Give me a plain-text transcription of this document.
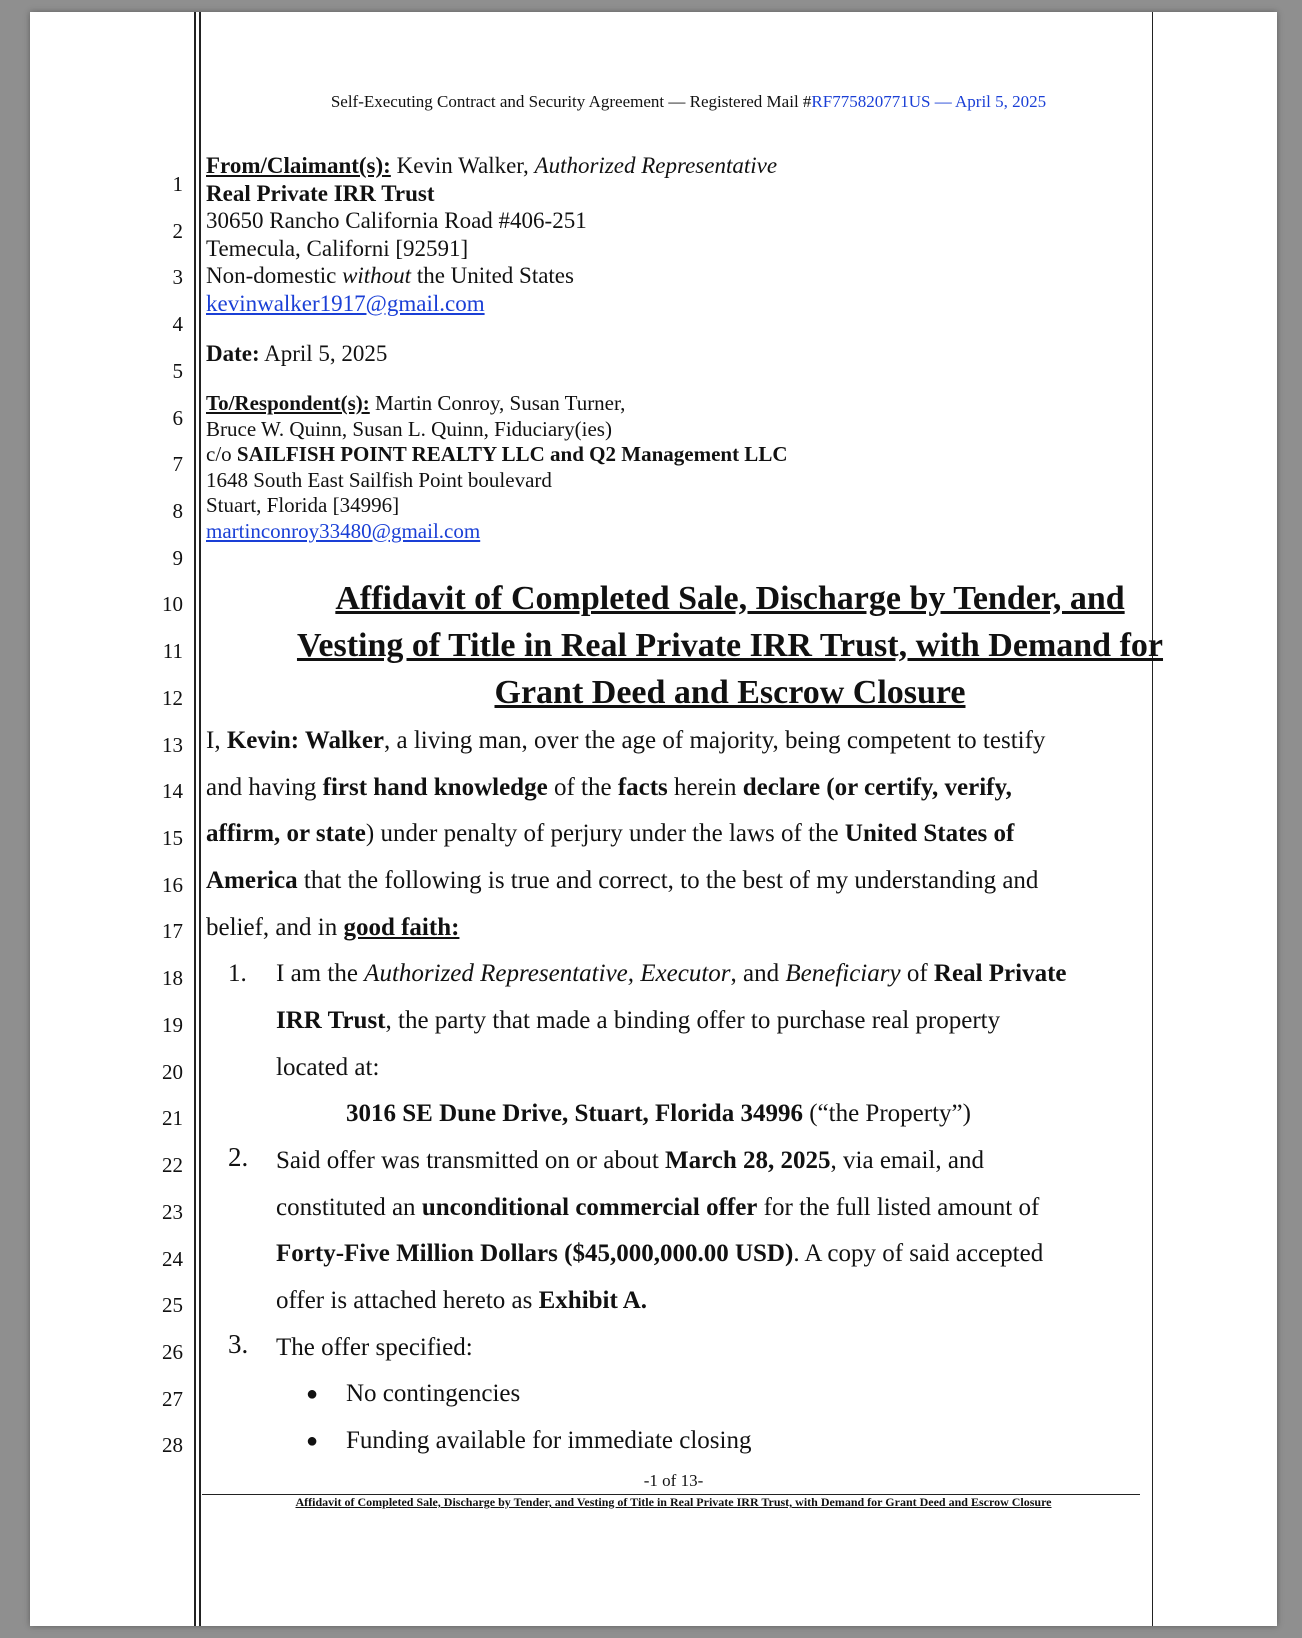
Self-Executing Contract and Security Agreement — Registered Mail #RF775820771US — April 5, 2025
1
2
3
4
5
6
7
8
9
10
11
12
13
14
15
16
17
18
19
20
21
22
23
24
25
26
27
28
From/Claimant(s): Kevin Walker, Authorized Representative
Real Private IRR Trust
30650 Rancho California Road #406-251
Temecula, Californi [92591]
Non-domestic without the United States
kevinwalker1917@gmail.com
Date: April 5, 2025
To/Respondent(s): Martin Conroy, Susan Turner,
Bruce W. Quinn, Susan L. Quinn, Fiduciary(ies)
c/o SAILFISH POINT REALTY LLC and Q2 Management LLC
1648 South East Sailfish Point boulevard
Stuart, Florida [34996]
martinconroy33480@gmail.com
Affidavit of Completed Sale, Discharge by Tender, and
Vesting of Title in Real Private IRR Trust, with Demand for
Grant Deed and Escrow Closure
I, Kevin: Walker, a living man, over the age of majority, being competent to testify
and having first hand knowledge of the facts herein declare (or certify, verify,
affirm, or state) under penalty of perjury under the laws of the United States of
America that the following is true and correct, to the best of my understanding and
belief, and in good faith:
1. I am the Authorized Representative, Executor, and Beneficiary of Real Private
IRR Trust, the party that made a binding offer to purchase real property
located at:
3016 SE Dune Drive, Stuart, Florida 34996 (“the Property”)
2. Said offer was transmitted on or about March 28, 2025, via email, and
constituted an unconditional commercial offer for the full listed amount of
Forty-Five Million Dollars ($45,000,000.00 USD). A copy of said accepted
offer is attached hereto as Exhibit A.
3. The offer specified:
● No contingencies
● Funding available for immediate closing
-1 of 13-
Affidavit of Completed Sale, Discharge by Tender, and Vesting of Title in Real Private IRR Trust, with Demand for Grant Deed and Escrow Closure
